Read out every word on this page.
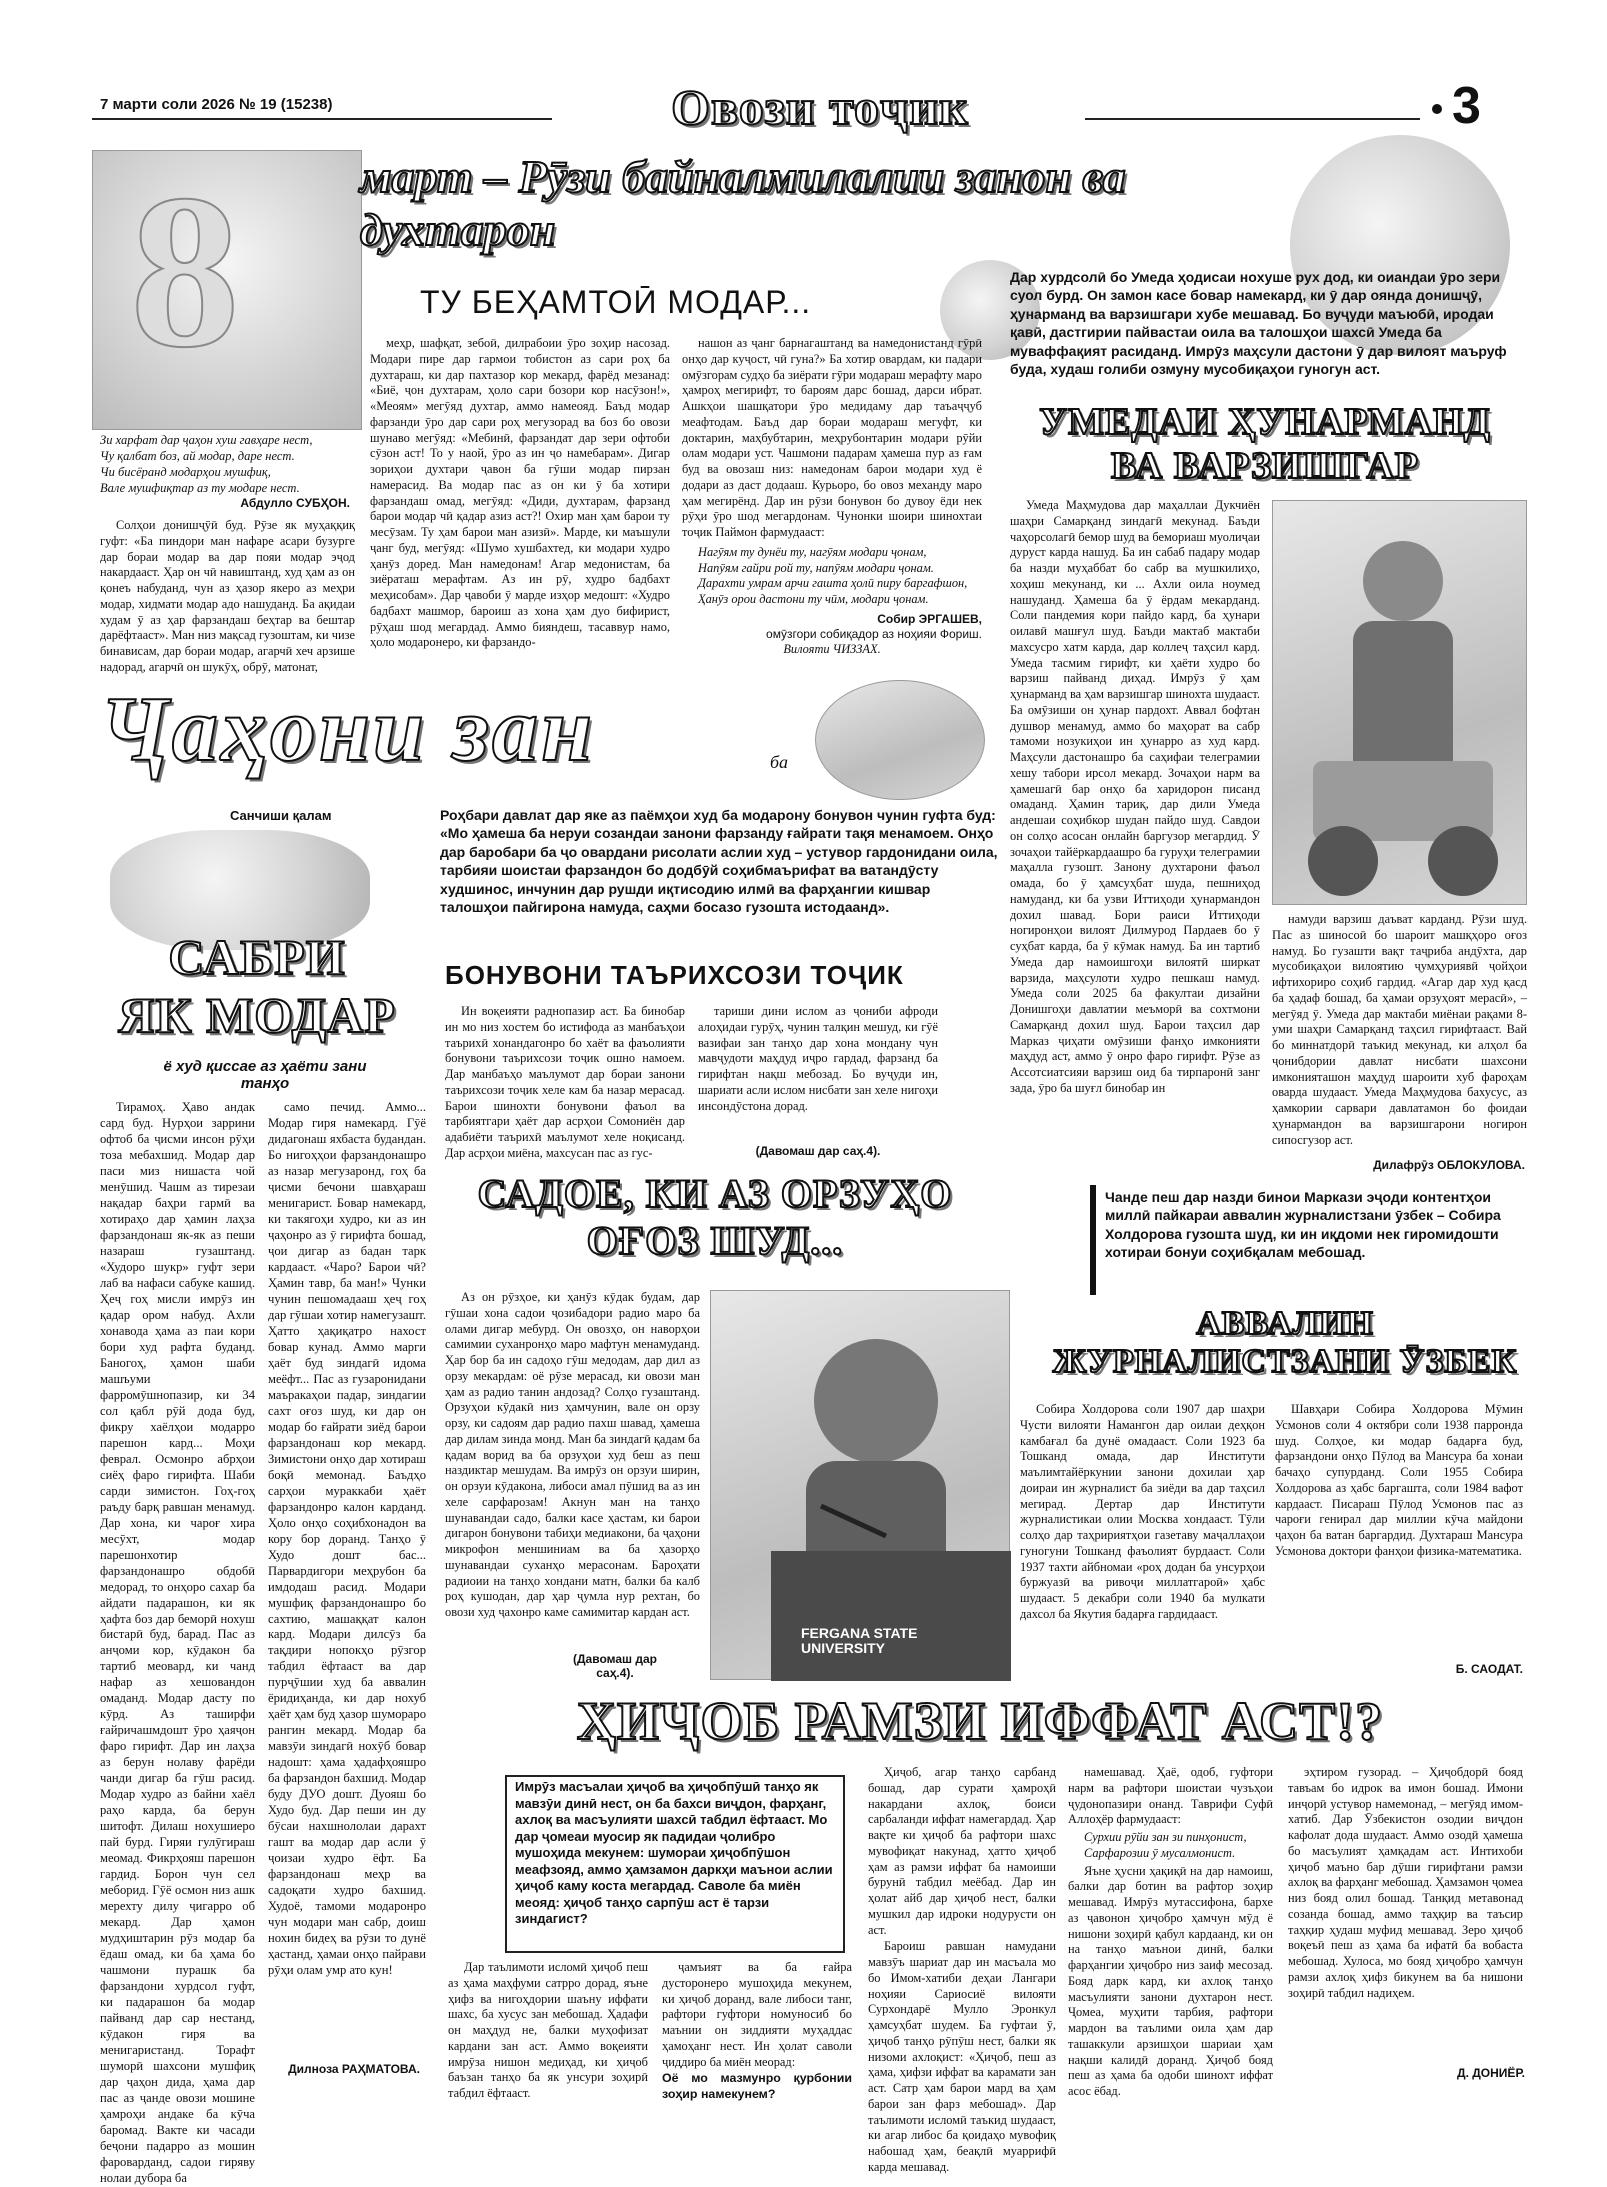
7 марти соли 2026 № 19 (15238)	Овози тоҷик	3
8	март – Рӯзи байналмилалии занон ва духтарон
Зи харфат дар ҷаҳон хуш гавҳаре нест,
Чу қалбат боз, ай модар, даре нест.
Чи бисёранд модарҳои мушфиқ,
Вале мушфиқтар аз ту модаре нест.
Абдулло СУБҲОН.
ТУ БЕҲАМТОӢ МОДАР...

Солҳои донишҷӯӣ буд. Рӯзе як муҳаққиқ гуфт: «Ба пиндори ман нафаре асари бузурге дар бораи модар ва дар пояи модар эҷод накардааст. Ҳар он чӣ навиштанд, худ ҳам аз он қонеъ набуданд, чун аз ҳазор якеро аз меҳри модар, хидмати модар адо нашуданд. Ба ақидаи худам ӯ аз ҳар фарзандаш беҳтар ва бештар дарёфтааст». Ман низ мақсад гузоштам, ки чизе бинависам, дар бораи модар, агарчӣ хеч арзише надорад, агарчӣ он шукӯҳ, обрӯ, матонат,

меҳр, шафқат, зебоӣ, дилрабоии ӯро зоҳир насозад. Модари пире дар гармои тобистон аз сари роҳ ба духтараш, ки дар пахтазор кор мекард, фарёд мезанад: «Биё, ҷон духтарам, ҳоло сари бозори кор насӯзон!», «Меоям» мегӯяд духтар, аммо намеояд. Баъд модар фарзанди ӯро дар сари роҳ мегузорад ва боз бо овози шунаво мегӯяд: «Мебинӣ, фарзандат дар зери офтоби сӯзон аст! То у наой, ӯро аз ин ҷо намебарам». Дигар зориҳои духтари ҷавон ба гӯши модар пирзан намерасид. Ва модар пас аз он ки ӯ ба хотири фарзандаш омад, мегӯяд: «Диди, духтарам, фарзанд барои модар чӣ қадар азиз аст?! Охир ман ҳам барои ту месӯзам. Ту ҳам барои ман азизӣ». Марде, ки маъшули ҷанг буд, мегӯяд: «Шумо хушбахтед, ки модари худро ҳанӯз доред. Ман намедонам! Агар медонистам, ба зиёраташ мерафтам. Аз ин рӯ, худро бадбахт меҳисобам». Дар ҷавоби ӯ марде изҳор медошт: «Худро бадбахт машмор, бароиш аз хона ҳам дуо бифирист, рӯҳаш шод мегардад. Аммо бияндеш, тасаввур намо, ҳоло модаронеро, ки фарзандо-

нашон аз ҷанг барнагаштанд ва намедонистанд гӯрӣ онҳо дар куҷост, чӣ гуна?» Ба хотир овардам, ки падари омӯзгорам судҳо ба зиёрати гӯри модараш мерафту маро ҳамроҳ мегирифт, то бароям дарс бошад, дарси ибрат. Ашкҳои шашқатори ӯро медидаму дар таъаҷҷуб меафтодам. Баъд дар бораи модараш мегуфт, ки доктарин, маҳбубтарин, меҳрубонтарин модари рӯйи олам модари уст. Чашмони падарам ҳамеша пур аз ғам буд ва овозаш низ: намедонам барои модари худ ё додари аз даст додааш. Курьоро, бо овоз механду маро ҳам мегирёнд. Дар ин рӯзи бонувон бо дувоу ёди нек рӯҳи ӯро шод мегардонам. Чунонки шоири шинохтаи тоҷик Паймон фармудааст:

Нагӯям ту дунёи ту, нагӯям модари ҷонам,
Напӯям гайри рой ту, напӯям модари ҷонам.
Дарахти умрам арчи гашта ҳолӣ пиру баргафшон,
Ҳанӯз орои дастони ту чӣм, модари ҷонам.
Собир ЭРГАШЕВ,
омӯзгори собиқадор аз ноҳияи Фориш.
Вилояти ЧИЗЗАХ.
Дар хурдсолӣ бо Умеда ҳодисаи ноxуше рух дод, ки оиандаи ӯро зери суол бурд. Он замон касе бовар намекард, ки ӯ дар оянда донишҷӯ, ҳунарманд ва варзишгари хубе мешавад. Бо вуҷуди маъюбӣ, иродаи қавӣ, дастгирии пайвастаи оила ва талошҳои шахсӣ Умеда ба муваффақият расиданд. Имрӯз маҳсули дастони ӯ дар вилоят маъруф буда, худаш голиби озмуну мусобиқаҳои гуногун аст.
УМЕДАИ ҲУНАРМАНД
ВА ВАРЗИШГАР

Умеда Маҳмудова дар маҳаллаи Дукчиён шаҳри Самарқанд зиндагӣ мекунад. Баъди чаҳорсолагӣ бемор шуд ва бемориаш муолиҷаи дуруст карда нашуд. Ба ин сабаб падару модар ба назди муҳаббат бо сабр ва мушкилиҳо, хоҳиш мекунанд, ки ... Ахли оила ноумед нашуданд. Ҳамеша ба ӯ ёрдам мекарданд. Соли пандемия кори пайдо кард, ба ҳунари оилавӣ машғул шуд. Баъди мактаб мактаби махсусро хатм карда, дар коллеҷ таҳсил кард. Умеда тасмим гирифт, ки ҳаёти худро бо варзиш пайванд диҳад. Имрӯз ӯ ҳам ҳунарманд ва ҳам варзишгар шинохта шудааст. Ба омӯзиши он ҳунар пардохт. Аввал бофтан душвор менамуд, аммо бо маҳорат ва сабр тамоми нозукиҳои ин ҳунарро аз худ кард. Маҳсули дастонашро ба саҳифаи телеграмии хешу табори ирсол мекард. Зочаҳои нарм ва ҳамешагӣ бар онҳо ба харидорон писанд омаданд. Ҳамин тариқ, дар дили Умеда андешаи соҳибкор шудан пайдо шуд. Савдои он солҳо асосан онлайн баргузор мегардид. Ӯ зочаҳои тайёркардаашро ба гуруҳи телеграмии маҳалла гузошт. Занону духтарони фаъол омада, бо ӯ ҳамсуҳбат шуда, пешниҳод намуданд, ки ба узви Иттиҳоди ҳунармандон дохил шавад. Бори раиси Иттиҳоди ногиронҳои вилоят Дилмурод Пардаев бо ӯ суҳбат карда, ба ӯ кӯмак намуд. Ба ин тартиб Умеда дар намоишгоҳи вилоятӣ ширкат варзида, маҳсулоти худро пешкаш намуд. Умеда соли 2025 ба факултаи дизайни Донишгоҳи давлатии меъморӣ ва сохтмони Самарқанд дохил шуд. Барои таҳсил дар Марказ ҷиҳати омӯзиши фанҳо имконияти маҳдуд аст, аммо ӯ онро фаро гирифт. Рӯзе аз Ассотсиатсияи варзиш оид ба тирпаронӣ занг зада, ӯро ба шуғл бинобар ин

намуди варзиш даъват карданд. Рӯзи шуд. Пас аз шиносоӣ бо шароит машқҳоро оғоз намуд. Бо гузашти вақт таҷриба андӯхта, дар мусобиқаҳои вилоятию ҷумҳуриявӣ ҷойҳои ифтихориро соҳиб гардид. «Агар дар худ қасд ба ҳадаф бошад, ба ҳамаи орзуҳоят мерасӣ», – мегӯяд ӯ. Умеда дар мактаби миёнаи рақами 8-уми шаҳри Самарқанд таҳсил гирифтааст. Вай бо миннатдорӣ таъкид мекунад, ки алҳол ба ҷонибдории давлат нисбати шахсони имконияташон маҳдуд шароити хуб фароҳам оварда шудааст. Умеда Маҳмудова бахусус, аз ҳамкории сарвари давлатамон бо фоидаи ҳунармандон ва варзишгарони ногирон сипосгузор аст.

Дилафрӯз ОБЛОКУЛОВА.
Ҷаҳони зан	ба
Санчиши қалам	Роҳбари давлат дар яке аз паёмҳои худ ба модарону бонувон чунин гуфта буд: «Мо ҳамеша ба неруи созандаи занони фарзанду ғайрати тақя менамоем. Онҳо дар баробари ба ҷо овардани рисолати аслии худ – устувор гардонидани оила, тарбияи шоистаи фарзандон бо додбӯй соҳибмаърифат ва ватандӯсту худшинос, инчунин дар рушди иқтисодию илмӣ ва фарҳангии кишвар талошҳои пайгирона намуда, саҳми босазо гузошта истодаанд».
САБРИ
ЯК МОДАР
ё худ қиссае аз ҳаёти зани танҳо

Тирамоҳ. Ҳаво андак сард буд. Нурҳои заррини офтоб ба ҷисми инсон рӯҳи тоза мебахшид. Модар дар паси миз нишаста чой менӯшид. Чашм аз тирезаи нақадар баҳри гармӣ ва хотираҳо дар ҳамин лаҳза фарзандонаш як-як аз пеши назараш гузаштанд. «Худоро шукр» гуфт зери лаб ва нафаси сабуке кашид. Ҳеҷ гоҳ мисли имрӯз ин қадар ором набуд. Ахли хонавода ҳама аз паи кори бори худ рафта буданд. Баногоҳ, ҳамон шаби машъуми фарромӯшнопазир, ки 34 сол қабл рӯй дода буд, фикру хаёлҳои модарро парешон кард... Моҳи феврал. Осмонро абрҳои сиёҳ фаро гирифта. Шаби сарди зимистон. Гоҳ-гоҳ раъду барқ равшан менамуд. Дар хона, ки чароғ хира месӯхт, модар парешонхотир фарзандонашро обдобӣ медорад, то онҳоро сахар ба айдати падарашон, ки як ҳафта боз дар беморӣ нохуш бистарӣ буд, барад. Пас аз анҷоми кор, кӯдакон ба тартиб меовард, ки чанд нафар аз хешовандон омаданд. Модар дасту по кӯрд. Аз таширфи ғайричашмдошт ӯро ҳаяҷон фаро гирифт. Дар ин лаҳза аз берун нолаву фарёди чанди дигар ба гӯш расид. Модар худро аз байни хаёл раҳо карда, ба берун шитофт. Дилаш ноxушиеро пай бурд. Гиряи гулӯгираш меомад. Фикрҳояш парешон гардид. Борон чун сел меборид. Гӯё осмон низ ашк мерехту дилу ҷигарро об мекард. Дар ҳамон мудҳиштарин рӯз модар ба ёдаш омад, ки ба ҳама бо чашмони пурашк ба фарзандони хурдсол гуфт, ки падарашон ба модар пайванд дар сар нестанд, кӯдакон гиря ва менигаристанд. Торафт шуморӣ шахсони мушфиқ дар ҷаҳон дида, ҳама дар пас аз ҷанде овози мошине ҳамроҳи андаке ба кӯча баромад. Вакте ки часади беҷони падарро аз мошин фароварданд, садои гиряву нолаи дубора ба

само печид. Аммо... Модар гиря намекард. Гӯё дидагонаш яхбаста будандан. Бо нигоҳҳои фарзандонашро аз назар мегузаронд, гоҳ ба ҷисми бечони шавҳараш менигарист. Бовар намекард, ки такягоҳи худро, ки аз ин ҷаҳонро аз ӯ гирифта бошад, ҷои дигар аз бадан тарк кардааст. «Чаро? Барои чӣ? Ҳамин тавр, ба ман!» Чунки чунин пешомадааш ҳеҷ гоҳ дар гӯшаи хотир намегузашт. Ҳатто ҳақиқатро нахост бовар кунад. Аммо марги ҳаёт буд зиндагӣ идома меёфт... Пас аз гузаронидани маъракаҳои падар, зиндагии сахт оғоз шуд, ки дар он модар бо ғайрати зиёд барои фарзандонаш кор мекард. Зимистони онҳо дар хотираш боқӣ мемонад. Баъдҳо сарҳои мураккаби ҳаёт фарзандонро калон карданд. Ҳоло онҳо соҳибхонадон ва кору бор доранд. Танҳо ӯ Худо дошт бас... Парвардигори меҳрубон ба имдодаш расид. Модари мушфиқ фарзандонашро бо сахтию, машаққат калон кард. Модари дилсӯз ба тақдири нопокҳо рӯзгор табдил ёфтааст ва дар пурҷӯшии худ ба аввалин ёридиҳанда, ки дар нохуб ҳаёт ҳам буд ҳазор шумораро рангин мекард. Модар ба мавзӯи зиндагӣ нохӯб бовар надошт: ҳама ҳадафҳояшро ба фарзандон бахшид. Модар буду ДУО дошт. Дуояш бо Худо буд. Дар пеши ин ду бӯсаи нахшнололаи дарахт гашт ва модар дар асли ӯ ҷоизаи худро ёфт. Ба фарзандонаш меҳр ва садоқати худро бахшид. Худоё, тамоми модаронро чун модари ман сабр, доиш нохин бидеҳ ва рӯзи то дунё ҳастанд, ҳамаи онҳо пайрави рӯҳи олам умр ато кун!

Дилноза РАҲМАТОВА.
БОНУВОНИ ТАЪРИХСОЗИ ТОҶИК

Ин воқеияти раднопазир аст. Ба бинобар ин мо низ хостем бо истифода аз манбаъҳои таърихӣ хонандагонро бо хаёт ва фаъолияти бонувони таърихсози тоҷик ошно намоем. Дар манбаъҳо маълумот дар бораи занони таърихсози тоҷик хеле кам ба назар мерасад. Барои шинохти бонувони фаъол ва тарбиятгари ҳаёт дар асрҳои Сомониён дар адабиёти таърихӣ маълумот хеле ноқисанд. Дар асрҳои миёна, махсусан пас аз гус-

тариши дини ислом аз ҷониби афроди алоҳидаи гурӯҳ, чунин талқин мешуд, ки гӯё вазифаи зан танҳо дар хона мондану чун мавҷудоти маҳдуд иҷро гардад, фарзанд ба гирифтан нақш мебозад. Бо вуҷуди ин, шариати асли ислом нисбати зан хеле нигоҳи инсондӯстона дорад.

(Давомаш дар саҳ.4).
САДОЕ, КИ АЗ ОРЗУҲО
ОҒОЗ ШУД...

Аз он рӯзҳое, ки ҳанӯз кӯдак будам, дар гӯшаи хона садои ҷозибадори радио маро ба олами дигар мебурд. Он овозҳо, он наворҳои самимии суханронҳо маро мафтун менамуданд. Ҳар бор ба ин садоҳо гӯш медодам, дар дил аз орзу мекардам: оё рӯзе мерасад, ки овози ман ҳам аз радио танин андозад? Солҳо гузаштанд. Орзуҳои кӯдакӣ низ ҳамчунин, вале он орзу орзу, ки садоям дар радио пахш шавад, ҳамеша дар дилам зинда монд. Ман ба зиндагӣ қадам ба қадам ворид ва ба орзуҳои худ беш аз пеш наздиктар мешудам. Ва имрӯз он орзуи ширин, он орзуи кӯдакона, либоси амал пӯшид ва аз ин хеле сарфарозам! Акнун ман на танҳо шунавандаи садо, балки касе ҳастам, ки барои дигарон бонувони табиҳи медиакони, ба ҷаҳони микрофон меншиниам ва ба ҳазорҳо шунавандаи суханҳо мерасонам. Бароҳати радиоии на танҳо хондани матн, балки ба калб роҳ кушодан, дар ҳар ҷумла нур рехтан, бо овози худ ҷахонро каме самимитар кардан аст.

(Давомаш дар саҳ.4).
FERGANA STATE UNIVERSITY
Чанде пеш дар назди бинои Маркази эҷоди контентҳои миллӣ пайкараи аввалин журналистзани ӯзбек – Собира Холдорова гузошта шуд, ки ин иқдоми нек гиромидошти хотираи бонуи соҳибқалам мебошад.
АВВАЛИН
ЖУРНАЛИСТЗАНИ ӮЗБЕК

Собира Холдорова соли 1907 дар шаҳри Чусти вилояти Намангон дар оилаи деҳқон камбағал ба дунё омадааст. Соли 1923 ба Тошканд омада, дар Институти маълимтайёркунии занони дохилаи ҳар доираи ин журналист ба зиёди ва дар таҳсил мегирад. Дертар дар Институти журналистикаи олии Москва хондааст. Тӯли солҳо дар таҳририятҳои газетаву маҷаллаҳои гуногуни Тошканд фаъолият бурдааст. Соли 1937 тахти айбномаи «роҳ додан ба унсурҳои буржуазӣ ва ривоҷи миллатгароӣ» ҳабс шудааст. 5 декабри соли 1940 ба мулкати дахсол ба Якутия бадарға гардидааст.

Шавҳари Собира Холдорова Мӯмин Усмонов соли 4 октябри соли 1938 парронда шуд. Солҳое, ки модар бадарға буд, фарзандони онҳо Пӯлод ва Мансура ба хонаи бачаҳо супурданд. Соли 1955 Собира Холдорова аз ҳабс баргашта, соли 1984 вафот кардааст. Писараш Пӯлод Усмонов пас аз чароғи генирал дар миллии кӯча майдони ҷаҳон ба ватан баргардид. Духтараш Мансура Усмонова доктори фанҳои физика-математика.

Б. САОДАТ.
ҲИҶОБ РАМЗИ ИФФАТ АСТ!?
Имрӯз масъалаи ҳиҷоб ва ҳиҷобпӯшӣ танҳо як мавзӯи динӣ нест, он ба бахси виҷдон, фарҳанг, ахлоқ ва масъулияти шахсӣ табдил ёфтааст. Мо дар ҷомеаи муосир як падидаи ҷолибро мушоҳида мекунем: шумораи ҳиҷобпӯшон меафзояд, аммо ҳамзамон даркҳи маънои аслии ҳиҷоб каму коста мегардад. Саволе ба миён меояд: ҳиҷоб танҳо сарпӯш аст ё тарзи зиндагист?

Дар таълимоти исломӣ ҳиҷоб пеш аз ҳама маҳфуми сатрро дорад, яъне ҳифз ва нигоҳдории шаъну иффати шахс, ба хусус зан мебошад. Ҳадафи он маҳдуд не, балки муҳофизат кардани зан аст. Аммо воқеияти имрӯза нишон медиҳад, ки ҳиҷоб баъзан танҳо ба як унсури зоҳирӣ табдил ёфтааст.

ҷамъият ва ба ғайра дусторонеро мушоҳида мекунем, ки ҳиҷоб доранд, вале либоси танг, рафтори гуфтори номуносиб бо маънии он зиддияти муҳаддас ҳамоҳанг нест. Ин ҳолат саволи ҷиддиро ба миён меорад:

Оё мо мазмунро қурбонии зоҳир намекунем?

Ҳиҷоб, агар танҳо сарбанд бошад, дар сурати ҳамроҳӣ накардани ахлоқ, боиси сарбаланди иффат намегардад. Ҳар вақте ки ҳиҷоб ба рафтори шахс мувофиқат накунад, ҳатто ҳиҷоб ҳам аз рамзи иффат ба намоиши бурунӣ табдил меёбад. Дар ин ҳолат айб дар ҳиҷоб нест, балки мушкил дар идроки нодурусти он аст.

Бароиш равшан намудани мавзӯъ шариат дар ин масъала мо бо Имом-хатиби деҳаи Лангари ноҳияи Сариосиё вилояти Сурхондарё Мулло Эронкул ҳамсуҳбат шудем. Ба гуфтаи ӯ, ҳиҷоб танҳо рӯпӯш нест, балки як низоми ахлоқист: «Ҳиҷоб, пеш аз ҳама, ҳифзи иффат ва карамати зан аст. Сатр ҳам барои мард ва ҳам барои зан фарз мебошад». Дар таълимоти исломӣ таъкид шудааст, ки агар либос ба қоидаҳо мувофиқ набошад ҳам, беақлӣ муаррифӣ карда мешавад.

намешавад. Ҳаё, одоб, гуфтори нарм ва рафтори шоистаи чузъҳои ҷудонопазири онанд. Таврифи Суфӣ Аллоҳёр фармудааст:

Сурхии рӯйи зан зи пинҳонист,
Сарфарозии ӯ мусалмонист.

Яъне ҳусни ҳақиқӣ на дар намоиш, балки дар ботин ва рафтор зоҳир мешавад. Имрӯз мутассифона, бархе аз ҷавонон ҳиҷобро ҳамчун мӯд ё нишони зоҳирӣ қабул кардаанд, ки он на танҳо маънои динӣ, балки фарҳангии ҳиҷобро низ заиф месозад. Бояд дарк кард, ки ахлоқ танҳо масъулияти занони духтарон нест. Ҷомеа, муҳити тарбия, рафтори мардон ва таълими оила ҳам дар ташаккули арзишҳои шариаи ҳам нақши калидӣ доранд. Ҳиҷоб бояд пеш аз ҳама ба одоби шинохт иффат асос ёбад.

эҳтиром гузорад. – Ҳиҷобдорӣ бояд тавъам бо идрок ва имон бошад. Имони инҷорӣ устувор намемонад, – мегӯяд имом-хатиб. Дар Ӯзбекистон озодии виҷдон кафолат дода шудааст. Аммо озодӣ ҳамеша бо масъулият ҳамқадам аст. Интихоби ҳиҷоб маъно бар дӯши гирифтани рамзи ахлоқ ва фарҳанг мебошад. Ҳамзамон ҷомеа низ бояд олил бошад. Танқид метавонад созанда бошад, аммо таҳқир ва таъсир таҳқир ҳудаш муфид мешавад. Зеро ҳиҷоб воқеъӣ пеш аз ҳама ба ифатӣ ба вобаста мебошад. Хулоса, мо бояд ҳиҷобро ҳамчун рамзи ахлоқ ҳифз бикунем ва ба нишони зоҳирӣ табдил надиҳем.

Д. ДОНИЁР.
